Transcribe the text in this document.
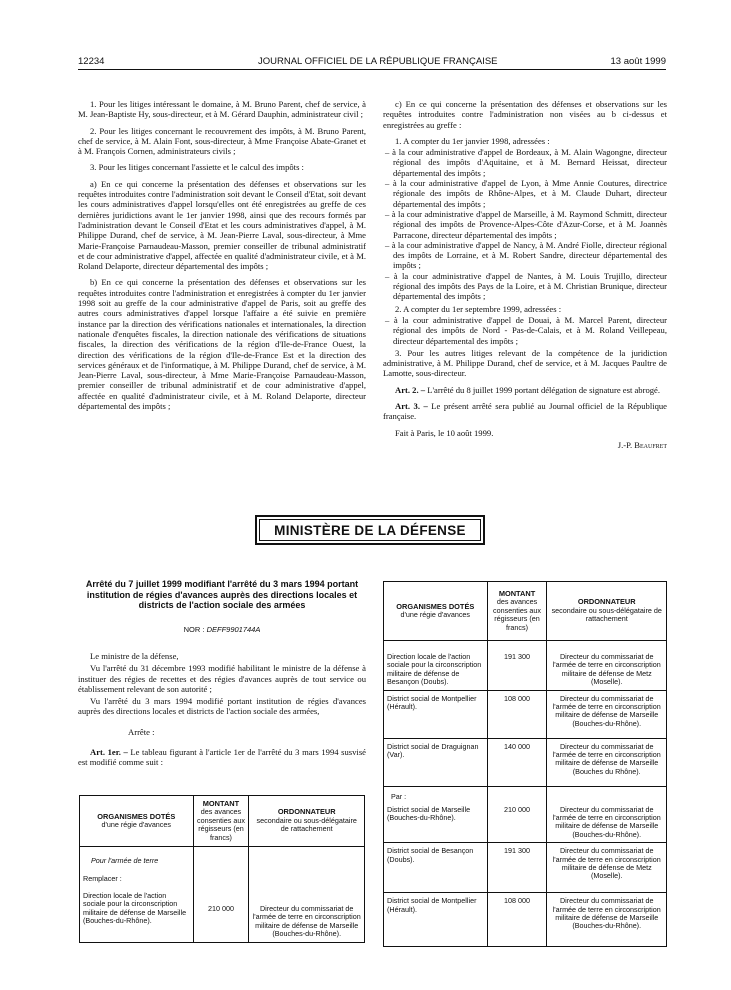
12234	JOURNAL OFFICIEL DE LA RÉPUBLIQUE FRANÇAISE	13 août 1999

1. Pour les litiges intéressant le domaine, à M. Bruno Parent, chef de service, à M. Jean-Baptiste Hy, sous-directeur, et à M. Gérard Dauphin, administrateur civil ;

2. Pour les litiges concernant le recouvrement des impôts, à M. Bruno Parent, chef de service, à M. Alain Font, sous-directeur, à Mme Françoise Abate-Granet et à M. François Cornen, administrateurs civils ;

3. Pour les litiges concernant l'assiette et le calcul des impôts :

a) En ce qui concerne la présentation des défenses et observations sur les requêtes introduites contre l'administration soit devant le Conseil d'Etat, soit devant les cours administratives d'appel lorsqu'elles ont été enregistrées au greffe de ces dernières juridictions avant le 1er janvier 1998, ainsi que des recours formés par l'administration devant le Conseil d'Etat et les cours administratives d'appel, à M. Philippe Durand, chef de service, à M. Jean-Pierre Laval, sous-directeur, à Mme Marie-Françoise Parnaudeau-Masson, premier conseiller de tribunal administratif et de cour administrative d'appel, affectée en qualité d'administrateur civile, et à M. Roland Delaporte, directeur départemental des impôts ;

b) En ce qui concerne la présentation des défenses et observations sur les requêtes introduites contre l'administration et enregistrées à compter du 1er janvier 1998 soit au greffe de la cour administrative d'appel de Paris, soit au greffe des autres cours administratives d'appel lorsque l'affaire a été suivie en première instance par la direction des vérifications nationales et internationales, la direction nationale d'enquêtes fiscales, la direction nationale des vérifications de situations fiscales, la direction des vérifications de la région d'Ile-de-France Ouest, la direction des vérifications de la région d'Ile-de-France Est et la direction des services généraux et de l'informatique, à M. Philippe Durand, chef de service, à M. Jean-Pierre Laval, sous-directeur, à Mme Marie-Françoise Parnaudeau-Masson, premier conseiller de tribunal administratif et de cour administrative d'appel, affectée en qualité d'administrateur civile, et à M. Roland Delaporte, directeur départemental des impôts ;

c) En ce qui concerne la présentation des défenses et observations sur les requêtes introduites contre l'administration non visées au b ci-dessus et enregistrées au greffe :

1. A compter du 1er janvier 1998, adressées :

– à la cour administrative d'appel de Bordeaux, à M. Alain Wagongne, directeur régional des impôts d'Aquitaine, et à M. Bernard Heissat, directeur départemental des impôts ;

– à la cour administrative d'appel de Lyon, à Mme Annie Coutures, directrice régionale des impôts de Rhône-Alpes, et à M. Claude Duhart, directeur départemental des impôts ;

– à la cour administrative d'appel de Marseille, à M. Raymond Schmitt, directeur régional des impôts de Provence-Alpes-Côte d'Azur-Corse, et à M. Joannès Parracone, directeur départemental des impôts ;

– à la cour administrative d'appel de Nancy, à M. André Fiolle, directeur régional des impôts de Lorraine, et à M. Robert Sandre, directeur départemental des impôts ;

– à la cour administrative d'appel de Nantes, à M. Louis Trujillo, directeur régional des impôts des Pays de la Loire, et à M. Christian Brunique, directeur départemental des impôts ;

2. A compter du 1er septembre 1999, adressées :

– à la cour administrative d'appel de Douai, à M. Marcel Parent, directeur régional des impôts de Nord - Pas-de-Calais, et à M. Roland Veillepeau, directeur départemental des impôts ;

3. Pour les autres litiges relevant de la compétence de la juridiction administrative, à M. Philippe Durand, chef de service, et à M. Jacques Paultre de Lamotte, sous-directeur.

Art. 2. – L'arrêté du 8 juillet 1999 portant délégation de signature est abrogé.

Art. 3. – Le présent arrêté sera publié au Journal officiel de la République française.

Fait à Paris, le 10 août 1999.

J.-P. Beaufret
MINISTÈRE DE LA DÉFENSE
Arrêté du 7 juillet 1999 modifiant l'arrêté du 3 mars 1994 portant institution de régies d'avances auprès des directions locales et districts de l'action sociale des armées
NOR : DEFF9901744A

Le ministre de la défense,

Vu l'arrêté du 31 décembre 1993 modifié habilitant le ministre de la défense à instituer des régies de recettes et des régies d'avances auprès de tout service ou établissement relevant de son autorité ;

Vu l'arrêté du 3 mars 1994 modifié portant institution de régies d'avances auprès des directions locales et districts de l'action sociale des armées,

Arrête :

Art. 1er. – Le tableau figurant à l'article 1er de l'arrêté du 3 mars 1994 susvisé est modifié comme suit :

ORGANISMES DOTÉS
d'une régie d'avances	MONTANT
des avances consenties aux régisseurs (en francs)	ORDONNATEUR
secondaire ou sous-délégataire de rattachement

Pour l'armée de terre
Remplacer :
Direction locale de l'action sociale pour la circonscription militaire de défense de Marseille (Bouches-du-Rhône).	210 000	Directeur du commissariat de l'armée de terre en circonscription militaire de défense de Marseille (Bouches-du-Rhône).
ORGANISMES DOTÉS
d'une régie d'avances	MONTANT
des avances consenties aux régisseurs (en francs)	ORDONNATEUR
secondaire ou sous-délégataire de rattachement
Direction locale de l'action sociale pour la circonscription militaire de défense de Besançon (Doubs).	191 300	Directeur du commissariat de l'armée de terre en circonscription militaire de défense de Metz (Moselle).
District social de Montpellier (Hérault).	108 000	Directeur du commissariat de l'armée de terre en circonscription militaire de défense de Marseille (Bouches-du-Rhône).
District social de Draguignan (Var).	140 000	Directeur du commissariat de l'armée de terre en circonscription militaire de défense de Marseille (Bouches du Rhône).

Par :
District social de Marseille (Bouches-du-Rhône).	210 000	Directeur du commissariat de l'armée de terre en circonscription militaire de défense de Marseille (Bouches-du-Rhône).
District social de Besançon (Doubs).	191 300	Directeur du commissariat de l'armée de terre en circonscription militaire de défense de Metz (Moselle).
District social de Montpellier (Hérault).	108 000	Directeur du commissariat de l'armée de terre en circonscription militaire de défense de Marseille (Bouches-du-Rhône).
